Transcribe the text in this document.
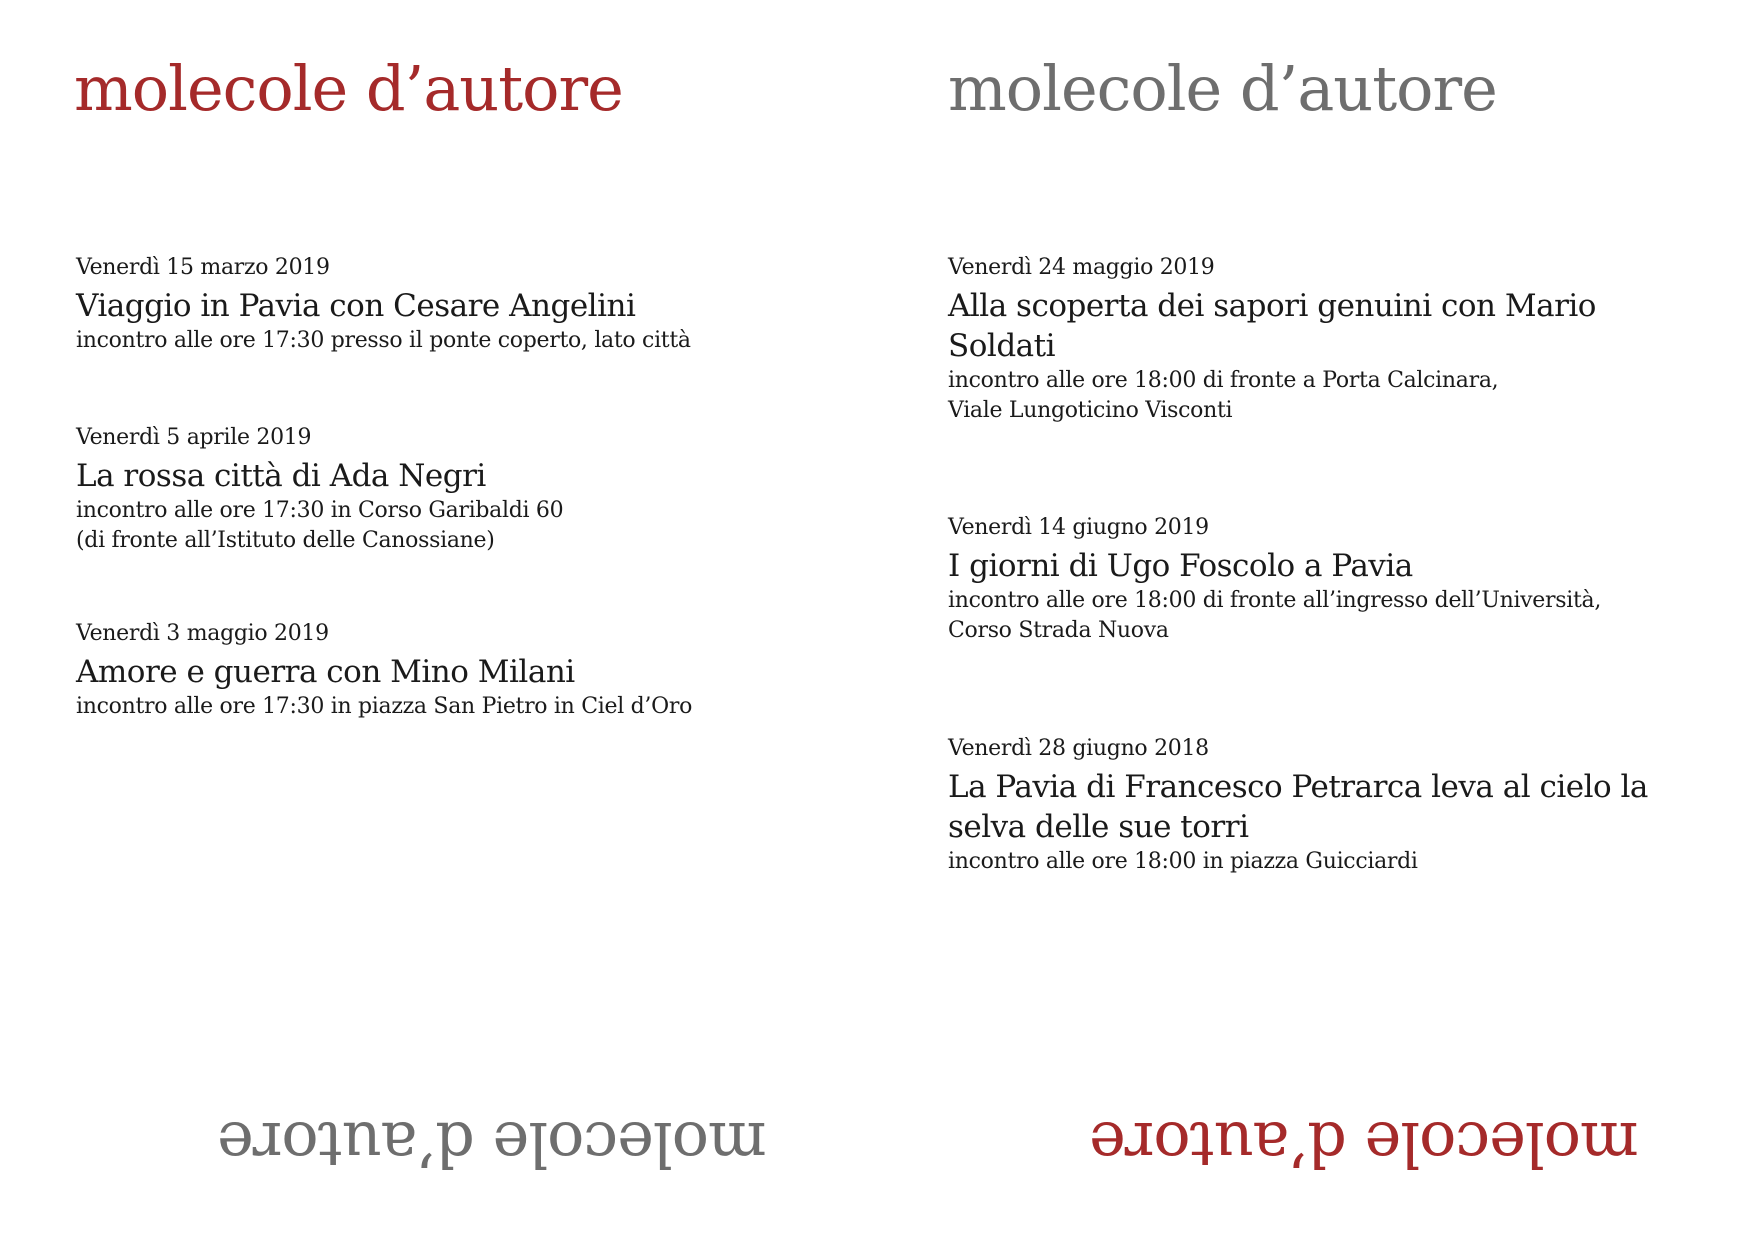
molecole d’autore
Venerdì 15 marzo 2019
Viaggio in Pavia con Cesare Angelini
incontro alle ore 17:30 presso il ponte coperto, lato città
Venerdì 5 aprile 2019
La rossa città di Ada Negri
incontro alle ore 17:30 in Corso Garibaldi 60
(di fronte all’Istituto delle Canossiane)
Venerdì 3 maggio 2019
Amore e guerra con Mino Milani
incontro alle ore 17:30 in piazza San Pietro in Ciel d’Oro
molecole d’autore
molecole d’autore
Venerdì 24 maggio 2019
Alla scoperta dei sapori genuini con Mario
Soldati
incontro alle ore 18:00 di fronte a Porta Calcinara,
Viale Lungoticino Visconti
Venerdì 14 giugno 2019
I giorni di Ugo Foscolo a Pavia
incontro alle ore 18:00 di fronte all’ingresso dell’Università,
Corso Strada Nuova
Venerdì 28 giugno 2018
La Pavia di Francesco Petrarca leva al cielo la
selva delle sue torri
incontro alle ore 18:00 in piazza Guicciardi
molecole d’autore
